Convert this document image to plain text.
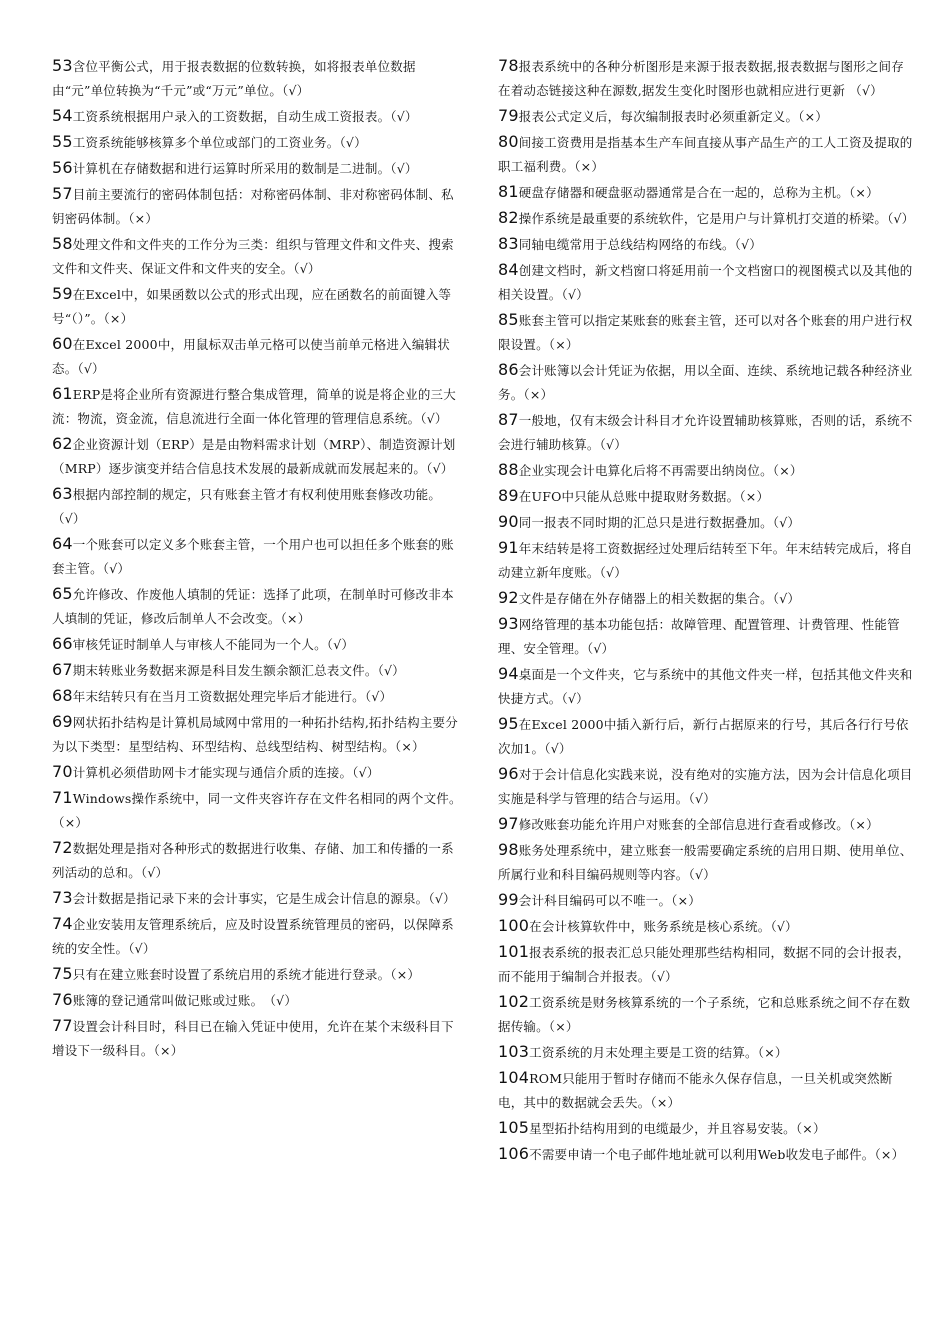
53含位平衡公式，用于报表数据的位数转换，如将报表单位数据由“元”单位转换为“千元”或“万元”单位。（√）

54工资系统根据用户录入的工资数据，自动生成工资报表。（√）

55工资系统能够核算多个单位或部门的工资业务。（√）

56计算机在存储数据和进行运算时所采用的数制是二进制。（√）

57目前主要流行的密码体制包括：对称密码体制、非对称密码体制、私钥密码体制。（×）

58处理文件和文件夹的工作分为三类：组织与管理文件和文件夹、搜索文件和文件夹、保证文件和文件夹的安全。（√）

59在Excel中，如果函数以公式的形式出现，应在函数名的前面键入等号“（）”。（×）

60在Excel 2000中，用鼠标双击单元格可以使当前单元格进入编辑状态。（√）

61ERP是将企业所有资源进行整合集成管理，简单的说是将企业的三大流：物流，资金流，信息流进行全面一体化管理的管理信息系统。（√）

62企业资源计划（ERP）是是由物料需求计划（MRP）、制造资源计划（MRP）逐步演变并结合信息技术发展的最新成就而发展起来的。（√）

63根据内部控制的规定，只有账套主管才有权利使用账套修改功能。（√）

64一个账套可以定义多个账套主管，一个用户也可以担任多个账套的账套主管。（√）

65允许修改、作废他人填制的凭证：选择了此项，在制单时可修改非本人填制的凭证，修改后制单人不会改变。（×）

66审核凭证时制单人与审核人不能同为一个人。（√）

67期末转账业务数据来源是科目发生额余额汇总表文件。（√）

68年末结转只有在当月工资数据处理完毕后才能进行。（√）

69网状拓扑结构是计算机局域网中常用的一种拓扑结构,拓扑结构主要分为以下类型：星型结构、环型结构、总线型结构、树型结构。（×）

70计算机必须借助网卡才能实现与通信介质的连接。（√）

71Windows操作系统中，同一文件夹容许存在文件名相同的两个文件。（×）

72数据处理是指对各种形式的数据进行收集、存储、加工和传播的一系列活动的总和。（√）

73会计数据是指记录下来的会计事实，它是生成会计信息的源泉。（√）

74企业安装用友管理系统后，应及时设置系统管理员的密码，以保障系统的安全性。（√）

75只有在建立账套时设置了系统启用的系统才能进行登录。（×）

76账簿的登记通常叫做记账或过账。　（√）

77设置会计科目时，科目已在输入凭证中使用，允许在某个末级科目下增设下一级科目。（×）

78报表系统中的各种分析图形是来源于报表数据,报表数据与图形之间存在着动态链接这种在源数,据发生变化时图形也就相应进行更新 （√）

79报表公式定义后，每次编制报表时必须重新定义。（×）

80间接工资费用是指基本生产车间直接从事产品生产的工人工资及提取的职工福利费。（×）

81硬盘存储器和硬盘驱动器通常是合在一起的，总称为主机。（×）

82操作系统是最重要的系统软件，它是用户与计算机打交道的桥梁。（√）

83同轴电缆常用于总线结构网络的布线。（√）

84创建文档时，新文档窗口将延用前一个文档窗口的视图模式以及其他的相关设置。（√）

85账套主管可以指定某账套的账套主管，还可以对各个账套的用户进行权限设置。（×）

86会计账簿以会计凭证为依据，用以全面、连续、系统地记载各种经济业务。（×）

87一般地，仅有末级会计科目才允许设置辅助核算账，否则的话，系统不会进行辅助核算。（√）

88企业实现会计电算化后将不再需要出纳岗位。（×）

89在UFO中只能从总账中提取财务数据。（×）

90同一报表不同时期的汇总只是进行数据叠加。（√）

91年末结转是将工资数据经过处理后结转至下年。年末结转完成后，将自动建立新年度账。（√）

92文件是存储在外存储器上的相关数据的集合。（√）

93网络管理的基本功能包括：故障管理、配置管理、计费管理、性能管理、安全管理。（√）

94桌面是一个文件夹，它与系统中的其他文件夹一样，包括其他文件夹和快捷方式。（√）

95在Excel 2000中插入新行后，新行占据原来的行号，其后各行行号依次加1。（√）

96对于会计信息化实践来说，没有绝对的实施方法，因为会计信息化项目实施是科学与管理的结合与运用。（√）

97修改账套功能允许用户对账套的全部信息进行查看或修改。（×）

98账务处理系统中，建立账套一般需要确定系统的启用日期、使用单位、所属行业和科目编码规则等内容。（√）

99会计科目编码可以不唯一。（×）

100在会计核算软件中，账务系统是核心系统。（√）

101报表系统的报表汇总只能处理那些结构相同，数据不同的会计报表，而不能用于编制合并报表。（√）

102工资系统是财务核算系统的一个子系统，它和总账系统之间不存在数据传输。（×）

103工资系统的月末处理主要是工资的结算。（×）

104ROM只能用于暂时存储而不能永久保存信息，一旦关机或突然断电，其中的数据就会丢失。（×）

105星型拓扑结构用到的电缆最少，并且容易安装。（×）

106不需要申请一个电子邮件地址就可以利用Web收发电子邮件。（×）
